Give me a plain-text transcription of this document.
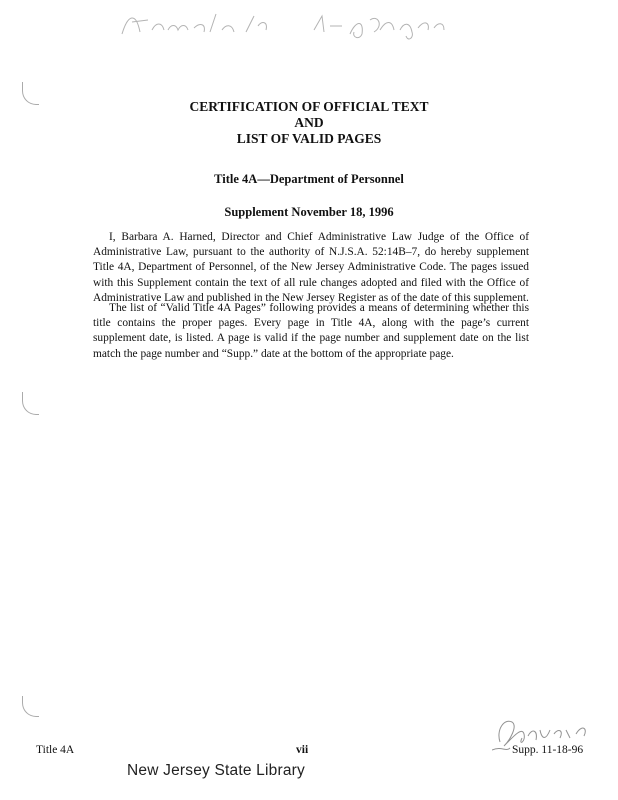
CERTIFICATION OF OFFICIAL TEXT
AND
LIST OF VALID PAGES
Title 4A—Department of Personnel
Supplement November 18, 1996
I, Barbara A. Harned, Director and Chief Administrative Law Judge of the Office of Administrative Law, pursuant to the authority of N.J.S.A. 52:14B–7, do hereby supplement Title 4A, Department of Personnel, of the New Jersey Administrative Code. The pages issued with this Supplement contain the text of all rule changes adopted and filed with the Office of Administrative Law and published in the New Jersey Register as of the date of this supplement.
The list of “Valid Title 4A Pages” following provides a means of determining whether this title contains the proper pages. Every page in Title 4A, along with the page’s current supplement date, is listed. A page is valid if the page number and supplement date on the list match the page number and “Supp.” date at the bottom of the appropriate page.
Title 4A	vii	Supp. 11-18-96
New Jersey State Library
